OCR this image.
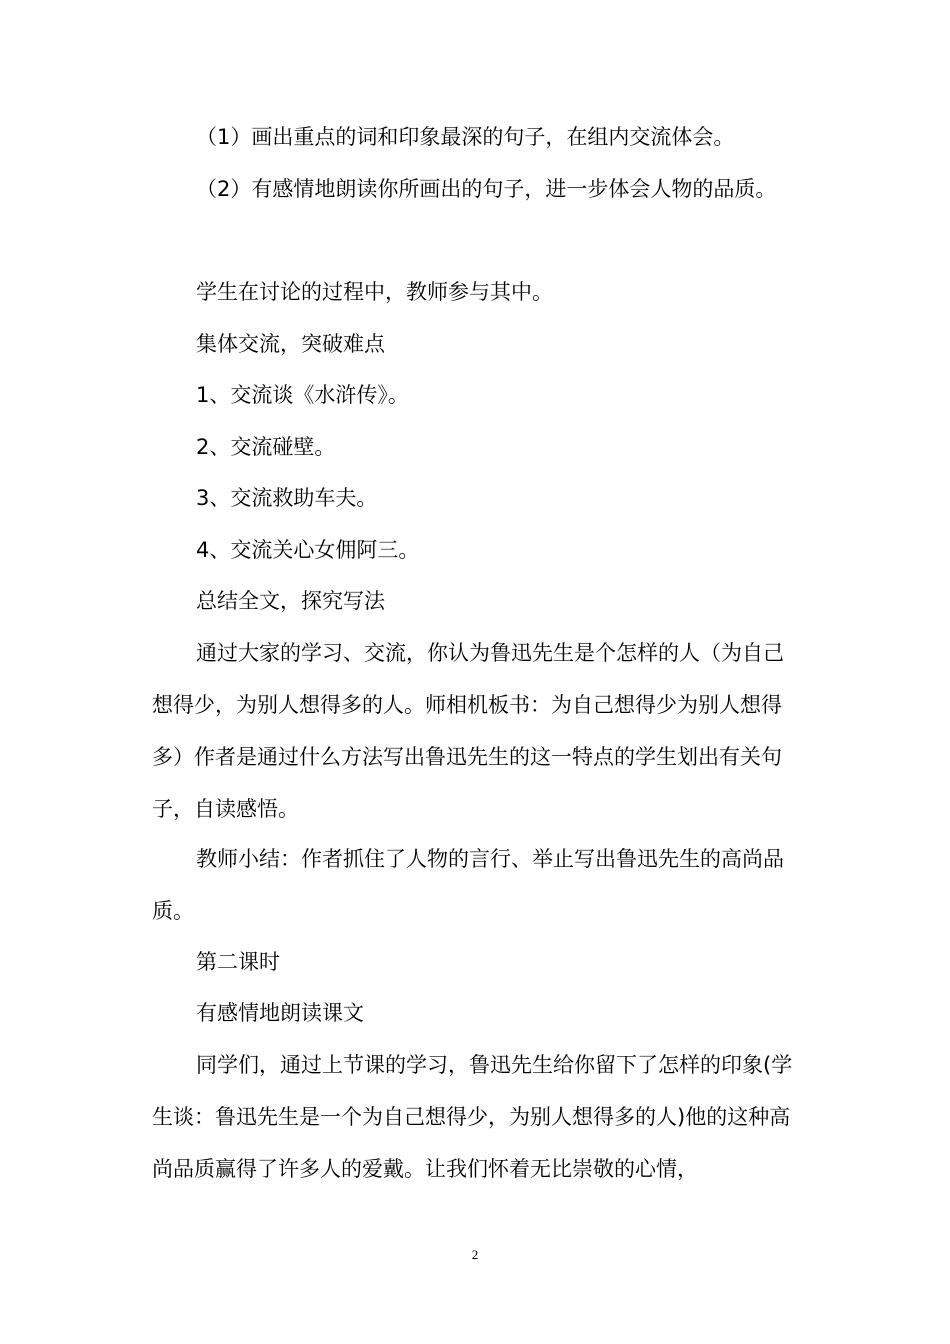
（1）画出重点的词和印象最深的句子，在组内交流体会。

（2）有感情地朗读你所画出的句子，进一步体会人物的品质。

学生在讨论的过程中，教师参与其中。

集体交流，突破难点

1、交流谈《水浒传》。

2、交流碰壁。

3、交流救助车夫。

4、交流关心女佣阿三。

总结全文，探究写法

通过大家的学习、交流，你认为鲁迅先生是个怎样的人（为自己想得少，为别人想得多的人。师相机板书：为自己想得少为别人想得多）作者是通过什么方法写出鲁迅先生的这一特点的学生划出有关句子，自读感悟。

教师小结：作者抓住了人物的言行、举止写出鲁迅先生的高尚品质。

第二课时

有感情地朗读课文

同学们，通过上节课的学习，鲁迅先生给你留下了怎样的印象(学生谈：鲁迅先生是一个为自己想得少，为别人想得多的人)他的这种高尚品质赢得了许多人的爱戴。让我们怀着无比崇敬的心情，

2
